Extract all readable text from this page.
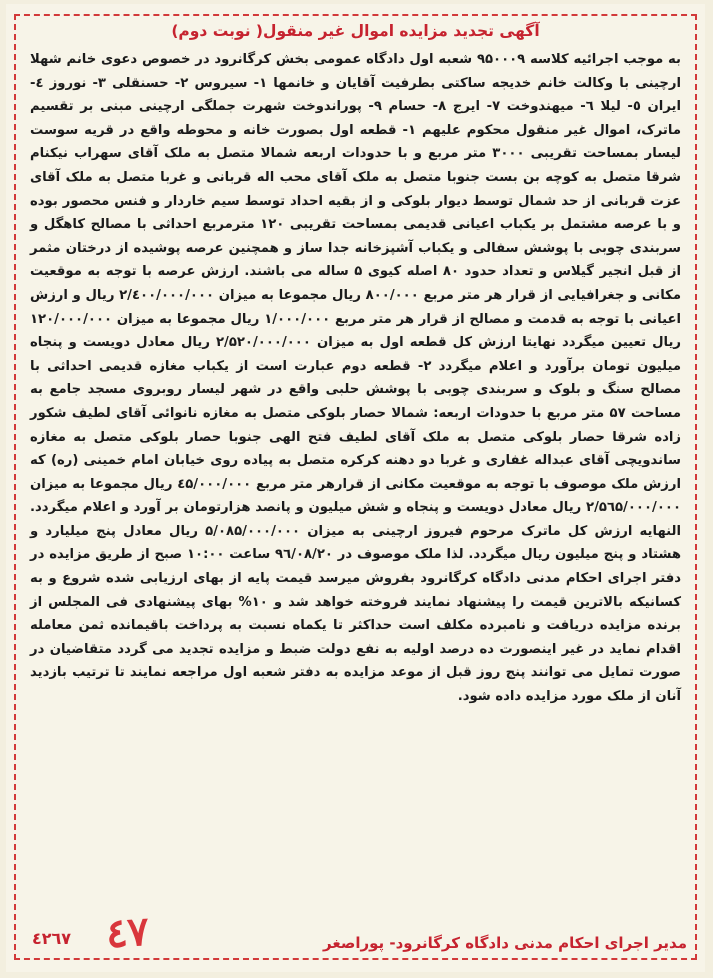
آگهی تجدید مزایده اموال غیر منقول( نوبت دوم)
به موجب اجرائیه کلاسه ۹۵۰۰۰۹ شعبه اول دادگاه عمومی بخش کرگانرود در خصوص دعوی خانم شهلا ارچینی با وکالت خانم خدیجه ساکتی بطرفیت آقایان و خانمها ۱- سیروس ۲- حسنقلی ۳- نوروز ٤- ایران ٥- لیلا ٦- میهندوخت ۷- ایرج ۸- حسام ۹- پوراندوخت شهرت جملگی ارچینی مبنی بر تقسیم ماترک، اموال غیر منقول محکوم علیهم ۱- قطعه اول بصورت خانه و محوطه واقع در قریه سوست لیسار بمساحت تقریبی ۳۰۰۰ متر مربع و با حدودات اربعه شمالا متصل به ملک آقای سهراب نیکنام شرقا متصل به کوچه بن بست جنوبا متصل به ملک آقای محب اله قربانی و غربا متصل به ملک آقای عزت قربانی از حد شمال توسط دیوار بلوکی و از بقیه احداد توسط سیم خاردار و فنس محصور بوده و با عرصه مشتمل بر یکباب اعیانی قدیمی بمساحت تقریبی ۱۲۰ مترمربع احداثی با مصالح کاهگل و سربندی چوبی با پوشش سفالی و یکباب آشپزخانه جدا ساز و همچنین عرصه پوشیده از درختان مثمر از قبل انجیر گیلاس و تعداد حدود ۸۰ اصله کیوی ۵ ساله می باشند. ارزش عرصه با توجه به موقعیت مکانی و جغرافیایی از قرار هر متر مربع ۸۰۰/۰۰۰ ریال مجموعا به میزان ۲/٤۰۰/۰۰۰/۰۰۰ ریال و ارزش اعیانی با توجه به قدمت و مصالح از قرار هر متر مربع ۱/۰۰۰/۰۰۰ ریال مجموعا به میزان ۱۲۰/۰۰۰/۰۰۰ ریال تعیین میگردد نهایتا ارزش کل قطعه اول به میزان ۲/۵۲۰/۰۰۰/۰۰۰ ریال معادل دویست و پنجاه میلیون تومان برآورد و اعلام میگردد ۲- قطعه دوم عبارت است از یکباب مغازه قدیمی احداثی با مصالح سنگ و بلوک و سربندی چوبی با پوشش حلبی واقع در شهر لیسار روبروی مسجد جامع به مساحت ۵۷ متر مربع با حدودات اربعه: شمالا حصار بلوکی متصل به مغازه نانوائی آقای لطیف شکور زاده شرقا حصار بلوکی متصل به ملک آقای لطیف فتح الهی جنوبا حصار بلوکی متصل به مغازه ساندویچی آقای عبداله غفاری و غربا دو دهنه کرکره متصل به پیاده روی خیابان امام خمینی (ره) که ارزش ملک موصوف با توجه به موقعیت مکانی از قرارهر متر مربع ٤۵/۰۰۰/۰۰۰ ریال مجموعا به میزان ۲/۵٦۵/۰۰۰/۰۰۰ ریال معادل دویست و پنجاه و شش میلیون و پانصد هزارتومان بر آورد و اعلام میگردد. النهایه ارزش کل ماترک مرحوم فیروز ارچینی به میزان ۵/۰۸۵/۰۰۰/۰۰۰ ریال معادل پنج میلیارد و هشتاد و پنج میلیون ریال میگردد. لذا ملک موصوف در ۹٦/۰۸/۲۰ ساعت ۱۰:۰۰ صبح از طریق مزایده در دفتر اجرای احکام مدنی دادگاه کرگانرود بفروش میرسد قیمت پایه از بهای ارزیابی شده شروع و به کسانیکه بالاترین قیمت را پیشنهاد نمایند فروخته خواهد شد و ۱۰% بهای پیشنهادی فی المجلس از برنده مزایده دریافت و نامبرده مکلف است حداکثر تا یکماه نسبت به پرداخت باقیمانده ثمن معامله اقدام نماید در غیر اینصورت ده درصد اولیه به نفع دولت ضبط و مزایده تجدید می گردد متقاضیان در صورت تمایل می توانند پنج روز قبل از موعد مزایده به دفتر شعبه اول مراجعه نمایند تا ترتیب بازدید آنان از ملک مورد مزایده داده شود.
٤٢٦٧ ٤۷	مدیر اجرای احکام مدنی دادگاه کرگانرود- پوراصغر
